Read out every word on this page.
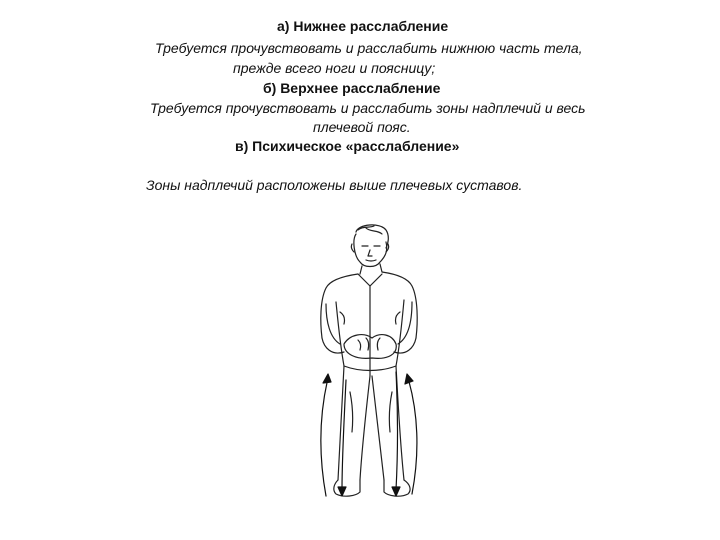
а) Нижнее расслабление
Требуется прочувствовать и расслабить нижнюю часть тела,
прежде всего ноги и поясницу;
б) Верхнее расслабление
Требуется прочувствовать и расслабить зоны надплечий и весь
плечевой пояс.
в) Психическое «расслабление»
Зоны надплечий расположены выше плечевых суставов.
